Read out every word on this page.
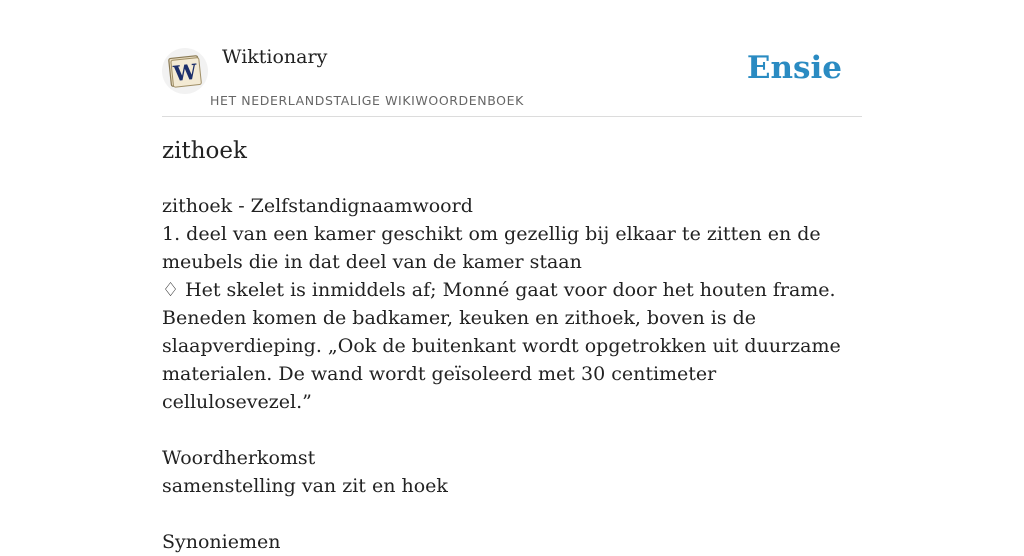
W
Wiktionary
HET NEDERLANDSTALIGE WIKIWOORDENBOEK
Ensie
zithoek

zithoek - Zelfstandignaamwoord

1. deel van een kamer geschikt om gezellig bij elkaar te zitten en de meubels die in dat deel van de kamer staan

♢ Het skelet is inmiddels af; Monné gaat voor door het houten frame. Beneden komen de badkamer, keuken en zithoek, boven is de slaapverdieping. „Ook de buitenkant wordt opgetrokken uit duurzame materialen. De wand wordt geïsoleerd met 30 centimeter cellulosevezel.”

Woordherkomst

samenstelling van zit en hoek

Synoniemen
